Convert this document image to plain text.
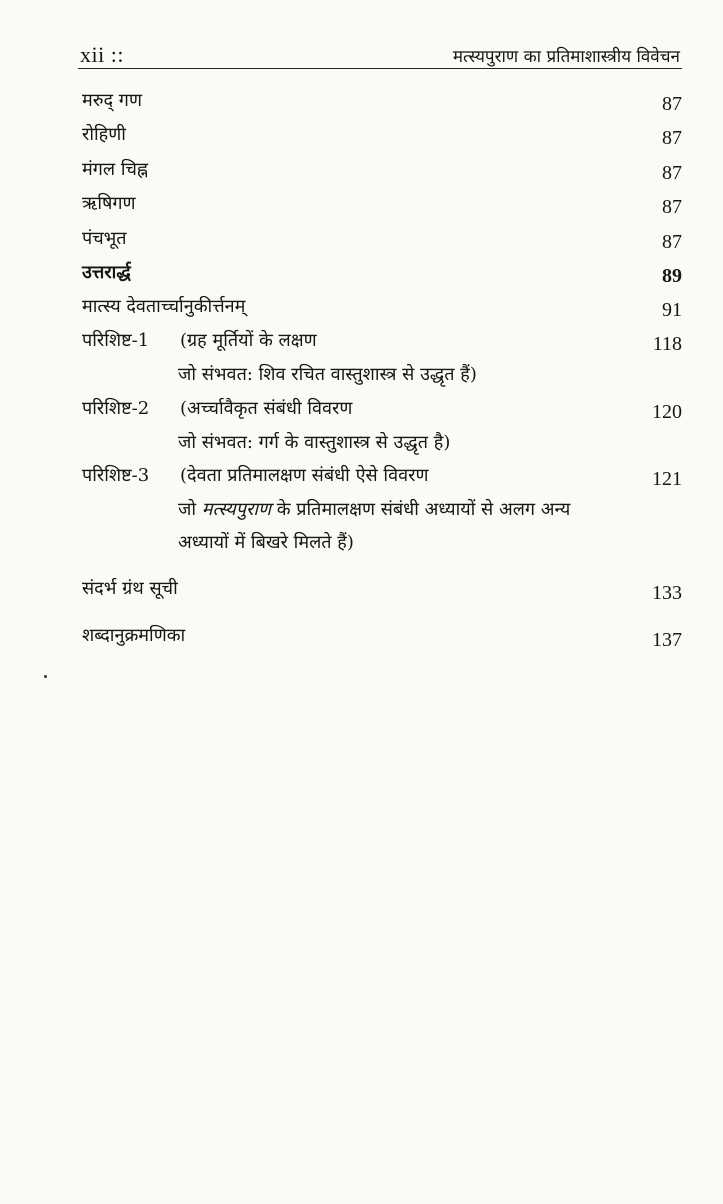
xii ::	मत्स्यपुराण का प्रतिमाशास्त्रीय विवेचन
मरुद् गण	87
रोहिणी	87
मंगल चिह्न	87
ऋषिगण	87
पंचभूत	87
उत्तरार्द्ध	89
मात्स्य देवतार्च्चानुकीर्त्तनम्	91
परिशिष्ट-1 (ग्रह मूर्तियों के लक्षण	118
जो संभवत: शिव रचित वास्तुशास्त्र से उद्धृत हैं)
परिशिष्ट-2 (अर्च्चावैकृत संबंधी विवरण	120
जो संभवत: गर्ग के वास्तुशास्त्र से उद्धृत है)
परिशिष्ट-3 (देवता प्रतिमालक्षण संबंधी ऐसे विवरण	121
जो मत्स्यपुराण के प्रतिमालक्षण संबंधी अध्यायों से अलग अन्य
अध्यायों में बिखरे मिलते हैं)
संदर्भ ग्रंथ सूची	133
शब्दानुक्रमणिका	137
